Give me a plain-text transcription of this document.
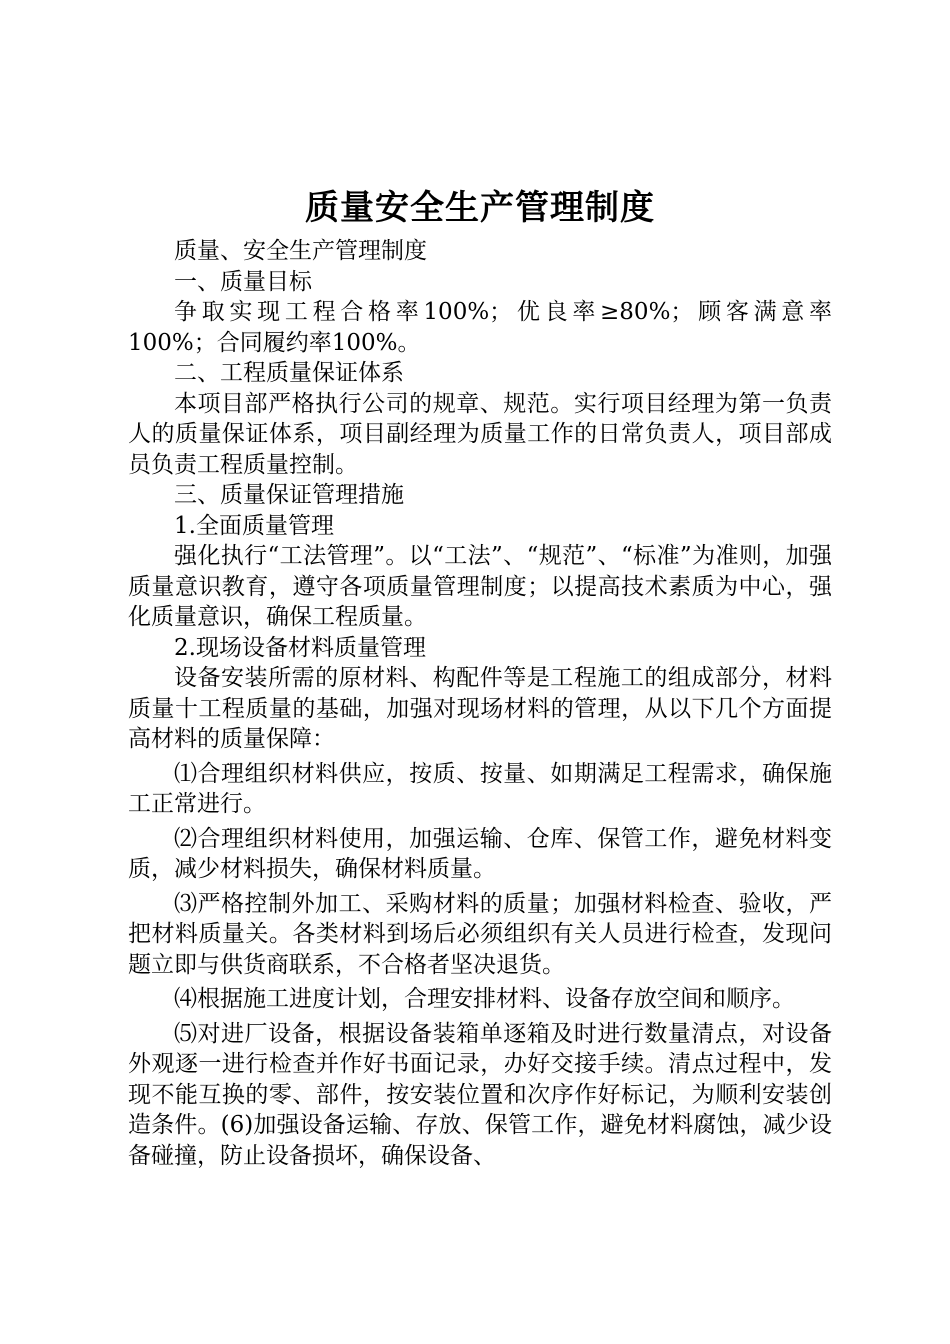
质量安全生产管理制度

质量、安全生产管理制度

一、质量目标

争取实现工程合格率100%；优良率≥80%；顾客满意率100%；合同履约率100%。

二、工程质量保证体系

本项目部严格执行公司的规章、规范。实行项目经理为第一负责人的质量保证体系，项目副经理为质量工作的日常负责人，项目部成员负责工程质量控制。

三、质量保证管理措施

1.全面质量管理

强化执行“工法管理”。以“工法”、“规范”、“标准”为准则，加强质量意识教育，遵守各项质量管理制度；以提高技术素质为中心，强化质量意识，确保工程质量。

2.现场设备材料质量管理

设备安装所需的原材料、构配件等是工程施工的组成部分，材料质量十工程质量的基础，加强对现场材料的管理，从以下几个方面提高材料的质量保障：

⑴合理组织材料供应，按质、按量、如期满足工程需求，确保施工正常进行。

⑵合理组织材料使用，加强运输、仓库、保管工作，避免材料变质，减少材料损失，确保材料质量。

⑶严格控制外加工、采购材料的质量；加强材料检查、验收，严把材料质量关。各类材料到场后必须组织有关人员进行检查，发现问题立即与供货商联系，不合格者坚决退货。

⑷根据施工进度计划，合理安排材料、设备存放空间和顺序。

⑸对进厂设备，根据设备装箱单逐箱及时进行数量清点，对设备外观逐一进行检查并作好书面记录，办好交接手续。清点过程中，发现不能互换的零、部件，按安装位置和次序作好标记，为顺利安装创造条件。(6)加强设备运输、存放、保管工作，避免材料腐蚀，减少设备碰撞，防止设备损坏，确保设备、
